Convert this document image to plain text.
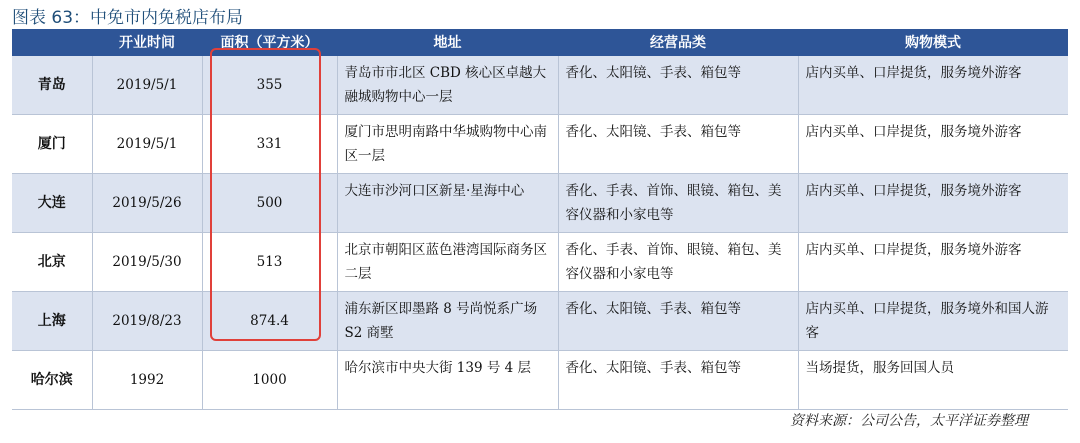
图表 63：中免市内免税店布局
	开业时间	面积（平方米）	地址	经营品类	购物模式
青岛	2019/5/1	355	青岛市市北区 CBD 核心区卓越大融城购物中心一层	香化、太阳镜、手表、箱包等	店内买单、口岸提货，服务境外游客
厦门	2019/5/1	331	厦门市思明南路中华城购物中心南区一层	香化、太阳镜、手表、箱包等	店内买单、口岸提货，服务境外游客
大连	2019/5/26	500	大连市沙河口区新星·星海中心	香化、手表、首饰、眼镜、箱包、美容仪器和小家电等	店内买单、口岸提货，服务境外游客
北京	2019/5/30	513	北京市朝阳区蓝色港湾国际商务区二层	香化、手表、首饰、眼镜、箱包、美容仪器和小家电等	店内买单、口岸提货，服务境外游客
上海	2019/8/23	874.4	浦东新区即墨路 8 号尚悦系广场 S2 商墅	香化、太阳镜、手表、箱包等	店内买单、口岸提货，服务境外和国人游客
哈尔滨	1992	1000	哈尔滨市中央大街 139 号 4 层	香化、太阳镜、手表、箱包等	当场提货，服务回国人员
资料来源：公司公告，太平洋证券整理
